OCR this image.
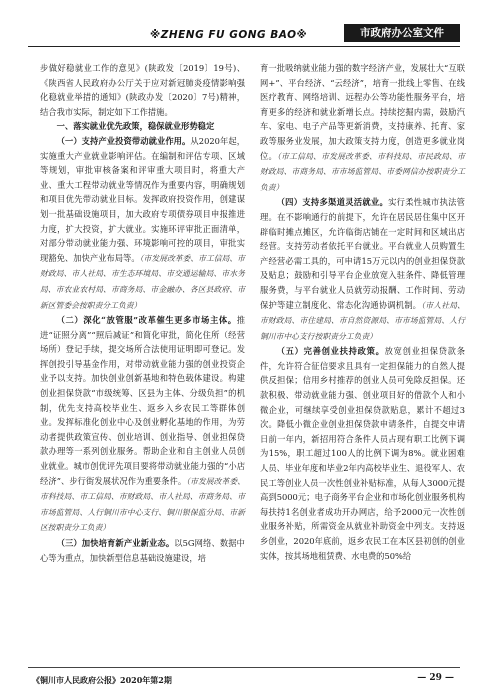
※ZHENG FU GONG BAO※	市政府办公室文件

步做好稳就业工作的意见》(陕政发〔2019〕19号)、《陕西省人民政府办公厅关于应对新冠肺炎疫情影响强化稳就业举措的通知》(陕政办发〔2020〕7号)精神，结合我市实际，制定如下工作措施。

一、落实就业优先政策，稳保就业形势稳定

（一）支持产业投资带动就业作用。从2020年起，实施重大产业就业影响评估。在编制和评估专项、区域等规划，审批审核备案和评审重大项目时，将重大产业、重大工程带动就业等情况作为重要内容，明确规划和项目优先带动就业目标。发挥政府投资作用，创建谋划一批基础设施项目，加大政府专项债券项目申报推进力度，扩大投资，扩大就业。实施环评审批正面清单，对部分带动就业能力强、环境影响可控的项目，审批实现豁免、加快产业布局等。（市发展改革委、市工信局、市财政局、市人社局、市生态环境局、市交通运输局、市水务局、市农业农村局、市商务局、市金融办、各区县政府、市新区管委会按职责分工负责）

（二）深化“放管服”改革催生更多市场主体。推进“证照分离”“照后减证”和简化审批，简化住所（经营场所）登记手续，提交场所合法使用证明即可登记。发挥创投引导基金作用，对带动就业能力强的创业投资企业予以支持。加快创业创新基地和特色载体建设。构建创业担保贷款“市级统筹、区县为主体、分级负担”的机制，优先支持高校毕业生、返乡入乡农民工等群体创业。发挥标准化创业中心及创业孵化基地的作用，为劳动者提供政策宣传、创业培训、创业指导、创业担保贷款办理等一系列创业服务。帮助企业和自主创业人员创业就业。城市创优评先项目要将带动就业能力强的“小店经济”、步行街发展状况作为重要条件。（市发展改革委、市科技局、市工信局、市财政局、市人社局、市商务局、市市场监管局、人行铜川市中心支行、铜川银保监分局、市新区按职责分工负责）

（三）加快培育新产业新业态。以5G网络、数据中心等为重点，加快新型信息基础设施建设，培

育一批吸纳就业能力强的数字经济产业，发展壮大“互联网+”、平台经济、“云经济”，培育一批线上零售、在线医疗教育、网络培训、远程办公等功能性服务平台，培育更多的经济和就业新增长点。持续挖掘内需，鼓励汽车、家电、电子产品等更新消费，支持康养、托育、家政等服务业发展，加大政策支持力度，创造更多就业岗位。（市工信局、市发展改革委、市科技局、市民政局、市财政局、市商务局、市市场监管局、市委网信办按职责分工负责）

（四）支持多渠道灵活就业。实行柔性城市执法管理。在不影响通行的前提下，允许在居民居住集中区开辟临时摊点摊区，允许临街店铺在一定时间和区域出店经营。支持劳动者依托平台就业。平台就业人员购置生产经营必需工具的，可申请15万元以内的创业担保贷款及贴息；鼓励和引导平台企业放宽入驻条件、降低管理服务费，与平台就业人员就劳动报酬、工作时间、劳动保护等建立制度化、常态化沟通协调机制。（市人社局、市财政局、市住建局、市自然资源局、市市场监管局、人行铜川市中心支行按职责分工负责）

（五）完善创业扶持政策。放宽创业担保贷款条件，允许符合征信要求且具有一定担保能力的自然人提供反担保；信用乡村推荐的创业人员可免除反担保。还款积极、带动就业能力强、创业项目好的借款个人和小微企业，可继续享受创业担保贷款贴息，累计不超过3次。降低小微企业创业担保贷款申请条件，自提交申请日前一年内，新招用符合条件人员占现有职工比例下调为15%，职工超过100人的比例下调为8%。就业困难人员、毕业年度和毕业2年内高校毕业生、退役军人、农民工等创业人员一次性创业补贴标准，从每人3000元提高到5000元；电子商务平台企业和市场化创业服务机构每扶持1名创业者成功开办网店，给予2000元一次性创业服务补贴，所需资金从就业补助资金中列支。支持返乡创业，2020年底前，返乡农民工在本区县初创的创业实体，按其场地租赁费、水电费的50%给

《铜川市人民政府公报》2020年第2期	— 29 —
